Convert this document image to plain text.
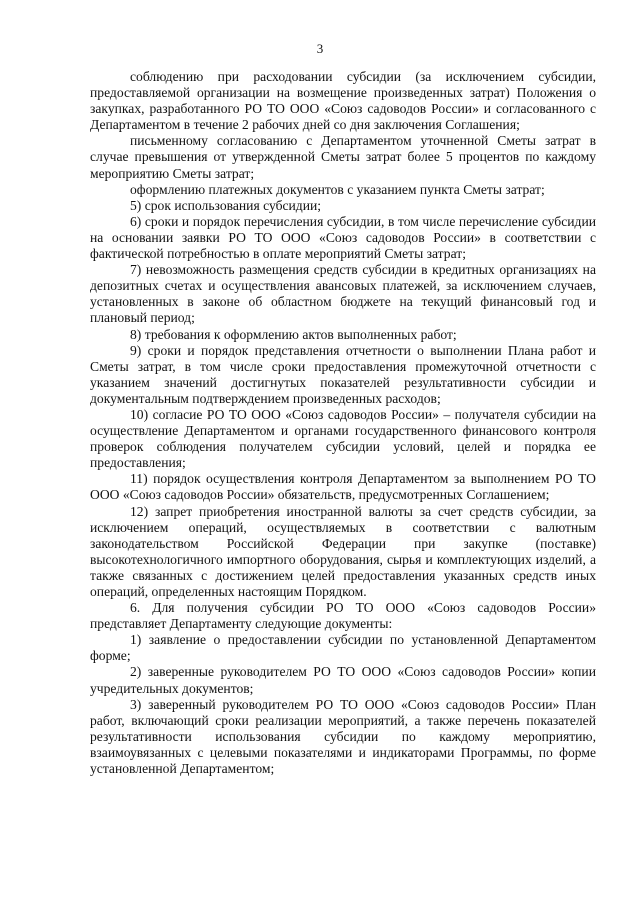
3

соблюдению при расходовании субсидии (за исключением субсидии, предоставляемой организации на возмещение произведенных затрат) Положения о закупках, разработанного РО ТО ООО «Союз садоводов России» и согласованного с Департаментом в течение 2 рабочих дней со дня заключения Соглашения;

письменному согласованию с Департаментом уточненной Сметы затрат в случае превышения от утвержденной Сметы затрат более 5 процентов по каждому мероприятию Сметы затрат;

оформлению платежных документов с указанием пункта Сметы затрат;

5) срок использования субсидии;

6) сроки и порядок перечисления субсидии, в том числе перечисление субсидии на основании заявки РО ТО ООО «Союз садоводов России» в соответствии с фактической потребностью в оплате мероприятий Сметы затрат;

7) невозможность размещения средств субсидии в кредитных организациях на депозитных счетах и осуществления авансовых платежей, за исключением случаев, установленных в законе об областном бюджете на текущий финансовый год и плановый период;

8) требования к оформлению актов выполненных работ;

9) сроки и порядок представления отчетности о выполнении Плана работ и Сметы затрат, в том числе сроки предоставления промежуточной отчетности с указанием значений достигнутых показателей результативности субсидии и документальным подтверждением произведенных расходов;

10) согласие РО ТО ООО «Союз садоводов России» – получателя субсидии на осуществление Департаментом и органами государственного финансового контроля проверок соблюдения получателем субсидии условий, целей и порядка ее предоставления;

11) порядок осуществления контроля Департаментом за выполнением РО ТО ООО «Союз садоводов России» обязательств, предусмотренных Соглашением;

12) запрет приобретения иностранной валюты за счет средств субсидии, за исключением операций, осуществляемых в соответствии с валютным законодательством Российской Федерации при закупке (поставке) высокотехнологичного импортного оборудования, сырья и комплектующих изделий, а также связанных с достижением целей предоставления указанных средств иных операций, определенных настоящим Порядком.

6. Для получения субсидии РО ТО ООО «Союз садоводов России» представляет Департаменту следующие документы:

1) заявление о предоставлении субсидии по установленной Департаментом форме;

2) заверенные руководителем РО ТО ООО «Союз садоводов России» копии учредительных документов;

3) заверенный руководителем РО ТО ООО «Союз садоводов России» План работ, включающий сроки реализации мероприятий, а также перечень показателей результативности использования субсидии по каждому мероприятию, взаимоувязанных с целевыми показателями и индикаторами Программы, по форме установленной Департаментом;
